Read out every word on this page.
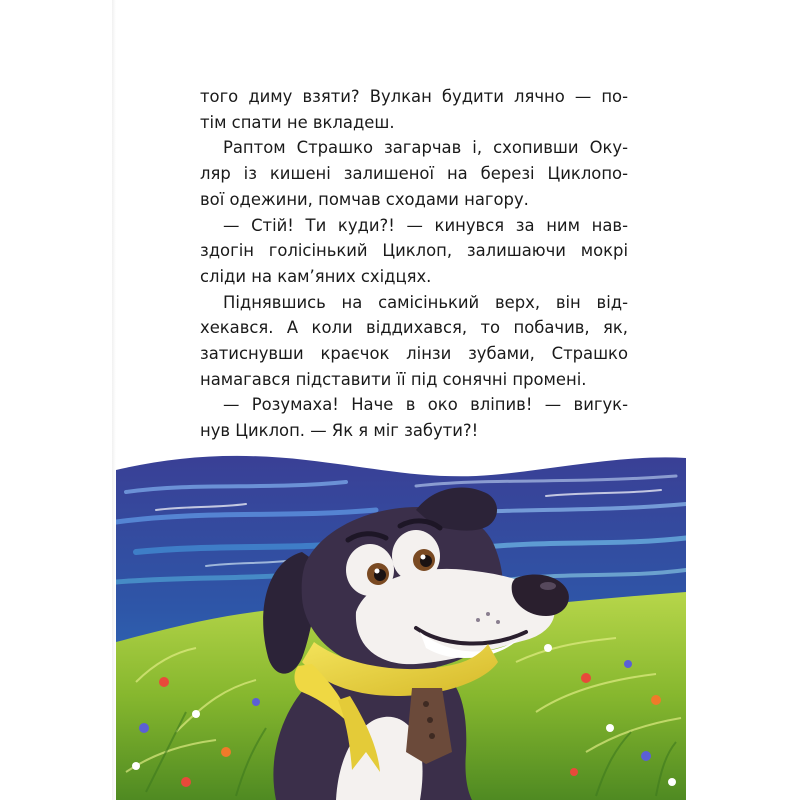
того диму взяти? Вулкан будити лячно — по-
тім спати не вкладеш.

Раптом Страшко загарчав і, схопивши Оку-
ляр із кишені залишеної на березі Циклопо-
вої одежини, помчав сходами нагору.

— Стій! Ти куди?! — кинувся за ним нав-
здогін голісінький Циклоп, залишаючи мокрі
сліди на кам’яних східцях.

Піднявшись на самісінький верх, він від-
хекався. А коли віддихався, то побачив, як,
затиснувши краєчок лінзи зубами, Страшко
намагався підставити її під сонячні промені.

— Розумаха! Наче в око вліпив! — вигук-
нув Циклоп. — Як я міг забути?!
